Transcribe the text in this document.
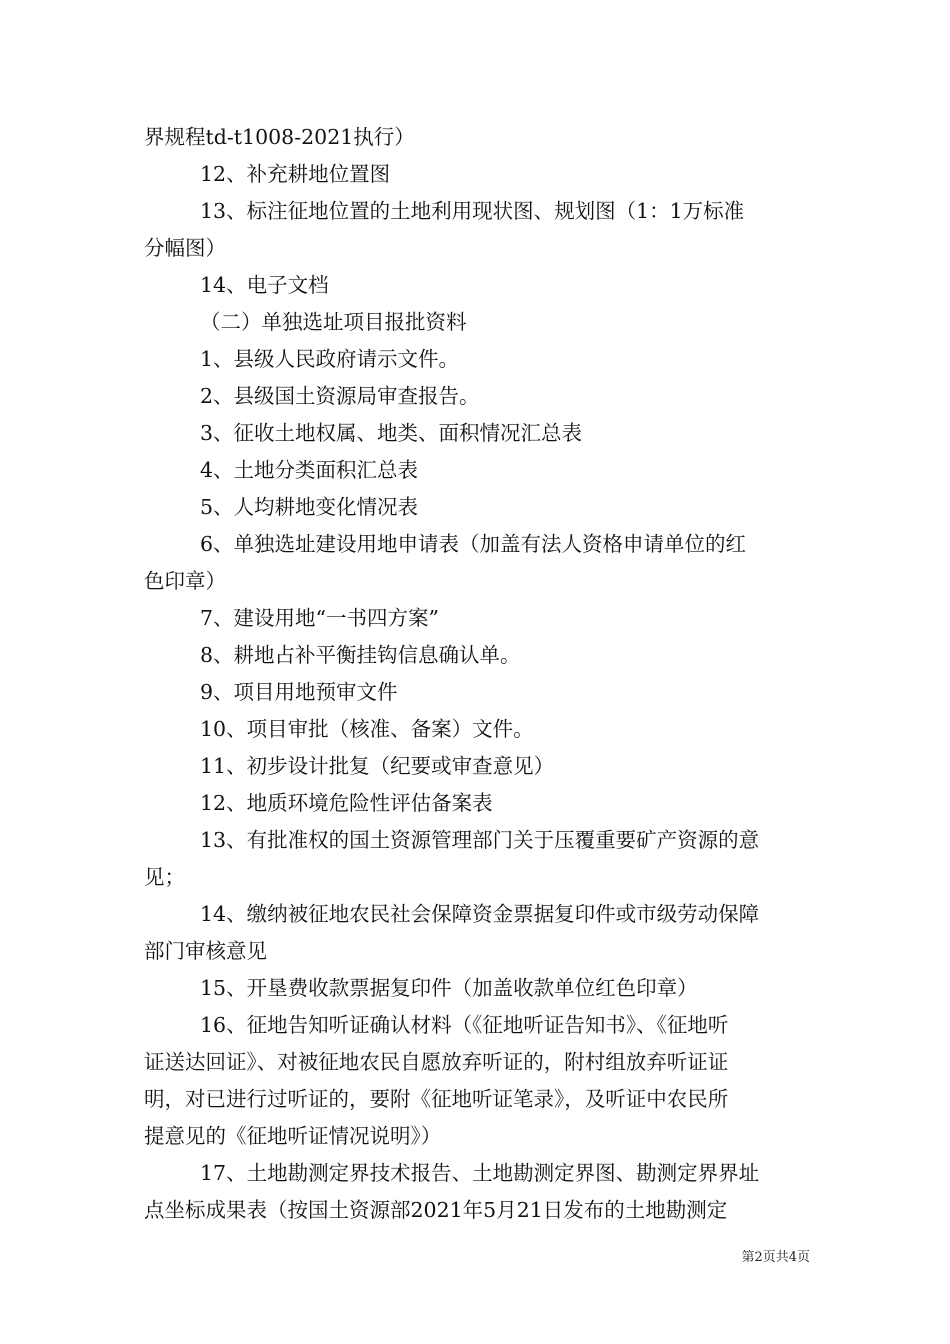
界规程td-t1008-2021执行）
12、补充耕地位置图
13、标注征地位置的土地利用现状图、规划图（1：1万标准
分幅图）
14、电子文档
（二）单独选址项目报批资料
1、县级人民政府请示文件。
2、县级国土资源局审查报告。
3、征收土地权属、地类、面积情况汇总表
4、土地分类面积汇总表
5、人均耕地变化情况表
6、单独选址建设用地申请表（加盖有法人资格申请单位的红
色印章）
7、建设用地“一书四方案”
8、耕地占补平衡挂钩信息确认单。
9、项目用地预审文件
10、项目审批（核准、备案）文件。
11、初步设计批复（纪要或审查意见）
12、地质环境危险性评估备案表
13、有批准权的国土资源管理部门关于压覆重要矿产资源的意
见；
14、缴纳被征地农民社会保障资金票据复印件或市级劳动保障
部门审核意见
15、开垦费收款票据复印件（加盖收款单位红色印章）
16、征地告知听证确认材料（《征地听证告知书》、《征地听
证送达回证》、对被征地农民自愿放弃听证的，附村组放弃听证证
明，对已进行过听证的，要附《征地听证笔录》，及听证中农民所
提意见的《征地听证情况说明》）
17、土地勘测定界技术报告、土地勘测定界图、勘测定界界址
点坐标成果表（按国土资源部2021年5月21日发布的土地勘测定
第2页共4页
